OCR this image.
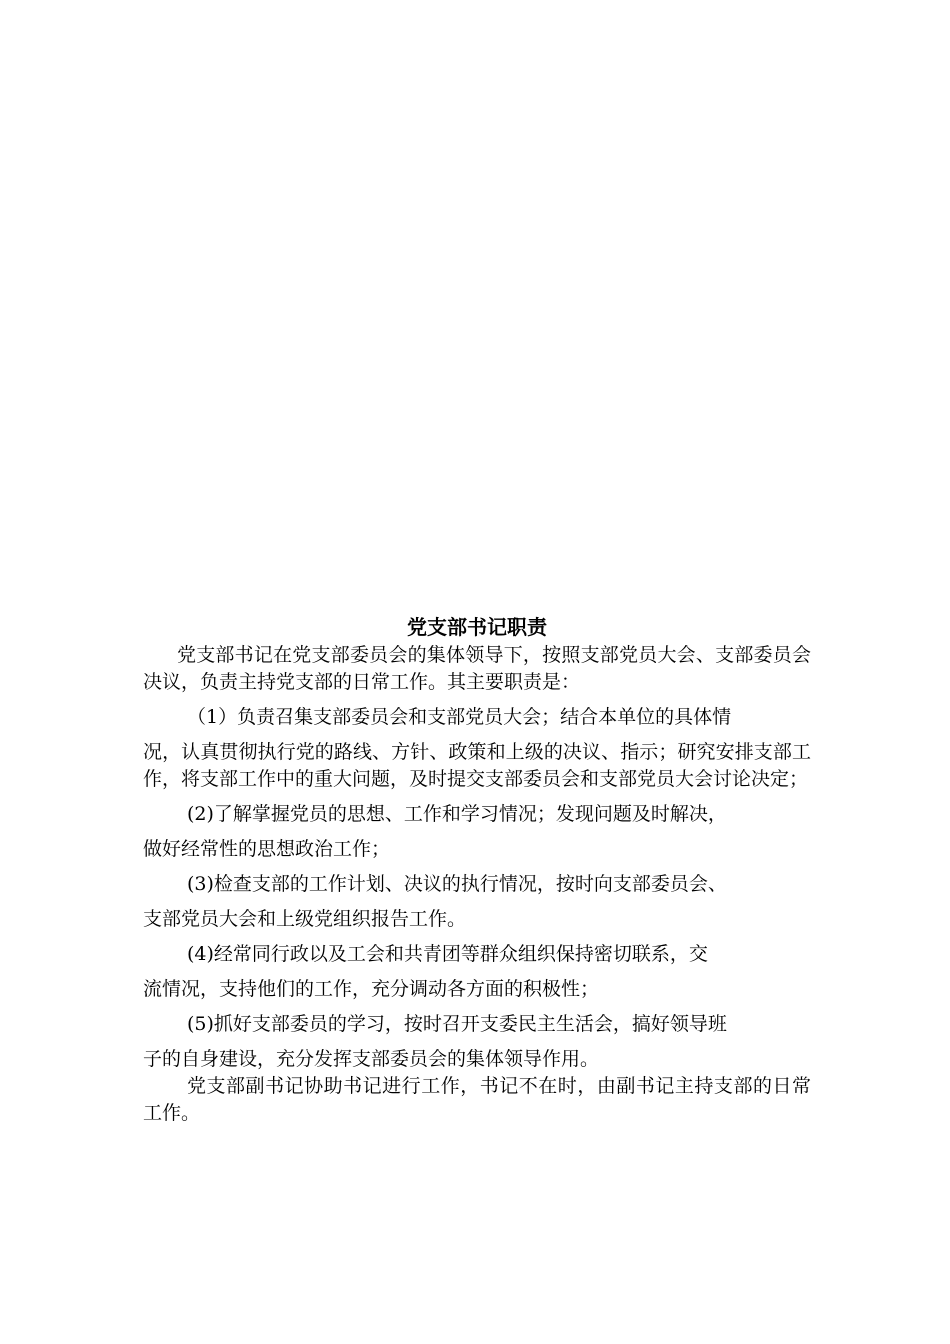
党支部书记职责

党支部书记在党支部委员会的集体领导下，按照支部党员大会、支部委员会决议，负责主持党支部的日常工作。其主要职责是：

（1）负责召集支部委员会和支部党员大会；结合本单位的具体情

况，认真贯彻执行党的路线、方针、政策和上级的决议、指示；研究安排支部工作，将支部工作中的重大问题，及时提交支部委员会和支部党员大会讨论决定；

(2)了解掌握党员的思想、工作和学习情况；发现问题及时解决，

做好经常性的思想政治工作；

(3)检查支部的工作计划、决议的执行情况，按时向支部委员会、

支部党员大会和上级党组织报告工作。

(4)经常同行政以及工会和共青团等群众组织保持密切联系，交

流情况，支持他们的工作，充分调动各方面的积极性；

(5)抓好支部委员的学习，按时召开支委民主生活会，搞好领导班

子的自身建设，充分发挥支部委员会的集体领导作用。

党支部副书记协助书记进行工作，书记不在时，由副书记主持支部的日常工作。
